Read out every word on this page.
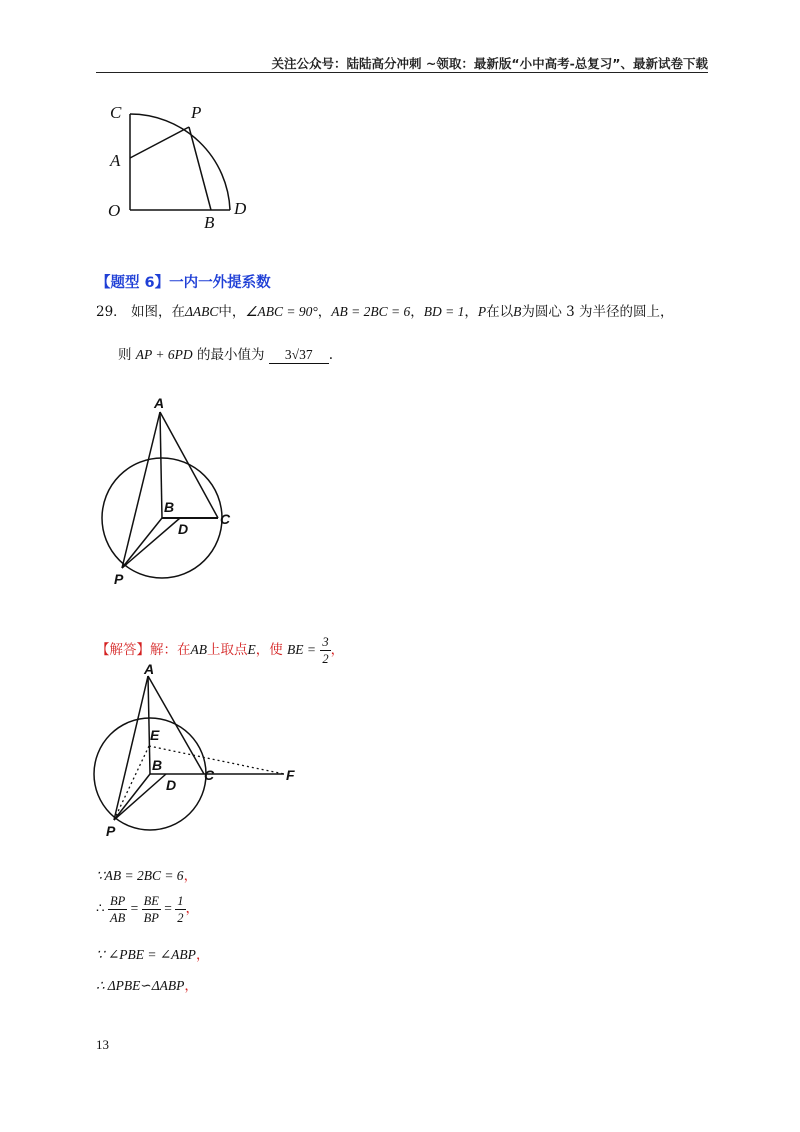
关注公众号：陆陆高分冲刺 ~领取：最新版“小中高考-总复习”、最新试卷下载
C	P
A
O
B
D
【题型 6】一内一外提系数
29． 如图，在ΔABC中，∠ABC = 90°，AB = 2BC = 6，BD = 1，P在以B为圆心 3 为半径的圆上，
则 AP + 6PD 的最小值为 3√37 .
A
B
C
D
P
【解答】解：在AB上取点E，使 BE = $\frac{3}{2}$ ，
A
E
B
C
D
F
P
∵AB = 2BC = 6，
∴ $\frac{BP}{AB} = \frac{BE}{BP} = \frac{1}{2}$ ，
∵ ∠PBE = ∠ABP，
∴ ΔPBE∽ΔABP，
13
